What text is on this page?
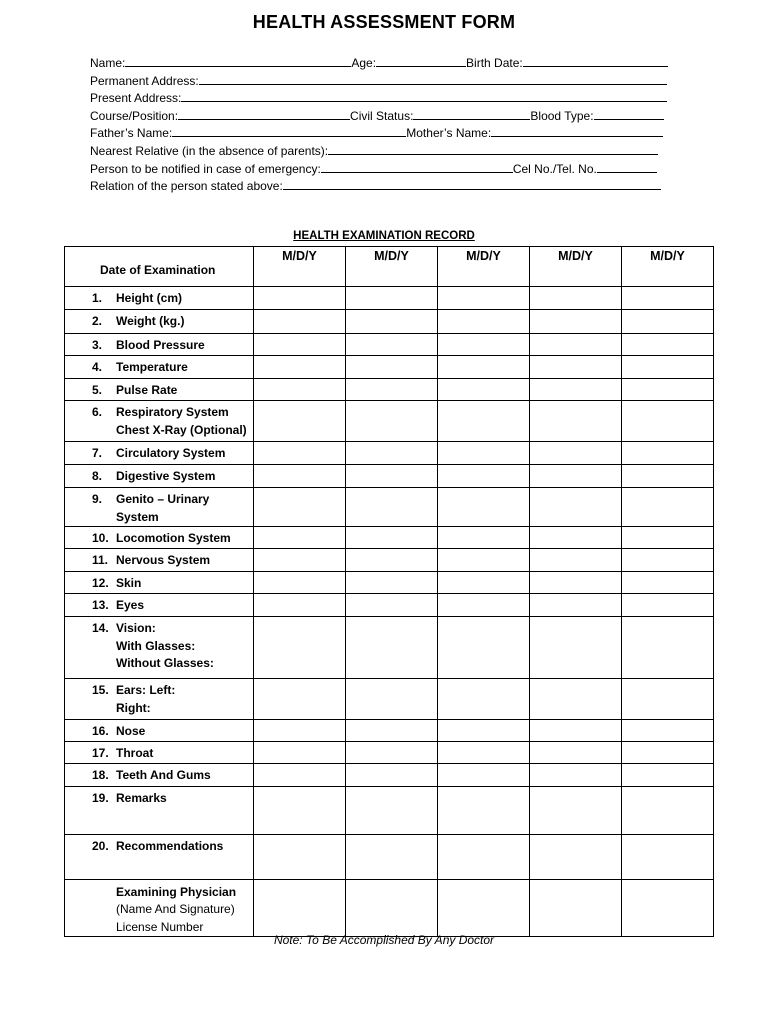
HEALTH ASSESSMENT FORM
Name:	Age:	Birth Date:
Permanent Address:
Present Address:
Course/Position:	Civil Status:	Blood Type:
Father’s Name:	Mother’s Name:
Nearest Relative (in the absence of parents):
Person to be notified in case of emergency:	Cel No./Tel. No.
Relation of the person stated above:
HEALTH EXAMINATION RECORD
Date of Examination	M/D/Y	M/D/Y	M/D/Y	M/D/Y	M/D/Y

1. Height (cm)					

2. Weight (kg.)					

3. Blood Pressure					

4. Temperature					

5. Pulse Rate					

6. Respiratory System
Chest X-Ray (Optional)					

7. Circulatory System					

8. Digestive System					

9. Genito – Urinary
System					

10. Locomotion System					

11. Nervous System					

12. Skin					

13. Eyes					

14. Vision:
With Glasses:
Without Glasses:					

15. Ears: Left:
Right:					

16. Nose					

17. Throat					

18. Teeth And Gums					

19. Remarks					

20. Recommendations					

Examining Physician
(Name And Signature)
License Number					

Note: To Be Accomplished By Any Doctor
